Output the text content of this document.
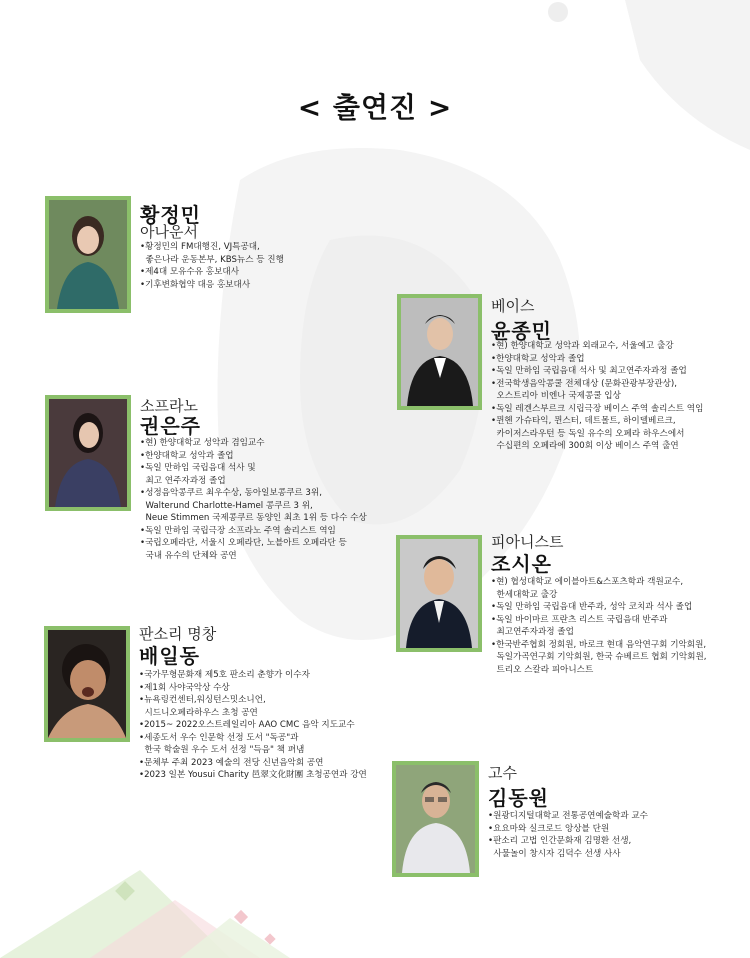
< 출연진 >
황정민
아나운서
•황정민의 FM대행진, VJ특공대,
좋은나라 운동본부, KBS뉴스 등 진행
•제4대 모유수유 홍보대사
•기후변화협약 대응 홍보대사
베이스
윤종민
•현) 한양대학교 성악과 외래교수, 서울예고 출강
•한양대학교 성악과 졸업
•독일 만하임 국립음대 석사 및 최고연주자과정 졸업
•전국학생음악콩쿨 전체대상 (문화관광부장관상),
오스트리아 비엔나 국제콩쿨 입상
•독일 레겐스부르크 시립극장 베이스 주역 솔리스트 역임
•뮌헨 가슈타익, 뮌스터, 데트몰트, 하이델베르크,
카이저스라우턴 등 독일 유수의 오페라 하우스에서
수십편의 오페라에 300회 이상 베이스 주역 출연
소프라노
권은주
•현) 한양대학교 성악과 겸임교수
•한양대학교 성악과 졸업
•독일 만하임 국립음대 석사 및
최고 연주자과정 졸업
•성정음악콩쿠르 최우수상, 동아일보콩쿠르 3위,
Walterund Charlotte-Hamel 콩쿠르 3 위,
Neue Stimmen 국제콩쿠르 동양인 최초 1위 등 다수 수상
•독일 만하임 국립극장 소프라노 주역 솔리스트 역임
•국립오페라단, 서울시 오페라단, 노블아트 오페라단 등
국내 유수의 단체와 공연
피아니스트
조시온
•현) 협성대학교 에이블아트&스포츠학과 객원교수,
한세대학교 출강
•독일 만하임 국립음대 반주과, 성악 코치과 석사 졸업
•독일 바이마르 프란츠 리스트 국립음대 반주과
최고연주자과정 졸업
•한국반주협회 정회원, 바로크 현대 음악연구회 기악회원,
독일가곡연구회 기악회원, 한국 슈베르트 협회 기악회원,
트리오 스칼라 피아니스트
판소리 명창
배일동
•국가무형문화재 제5호 판소리 춘향가 이수자
•제1회 사야국악상 수상
•뉴욕링컨센터,워싱턴스밋소니언,
시드니오페라하우스 초청 공연
•2015~ 2022오스트레일리아 AAO CMC 음악 지도교수
•세종도서 우수 인문학 선정 도서 "독공"과
한국 학술원 우수 도서 선정 "득음" 책 펴냄
•문체부 주최 2023 예술의 전당 신년음악회 공연
•2023 일본 Yousui Charity 邑翠文化財團 초청공연과 강연	고수
김동원
•원광디지털대학교 전통공연예술학과 교수
•요요마와 실크로드 앙상블 단원
•판소리 고법 인간문화재 김명환 선생,
사물놀이 창시자 김덕수 선생 사사
